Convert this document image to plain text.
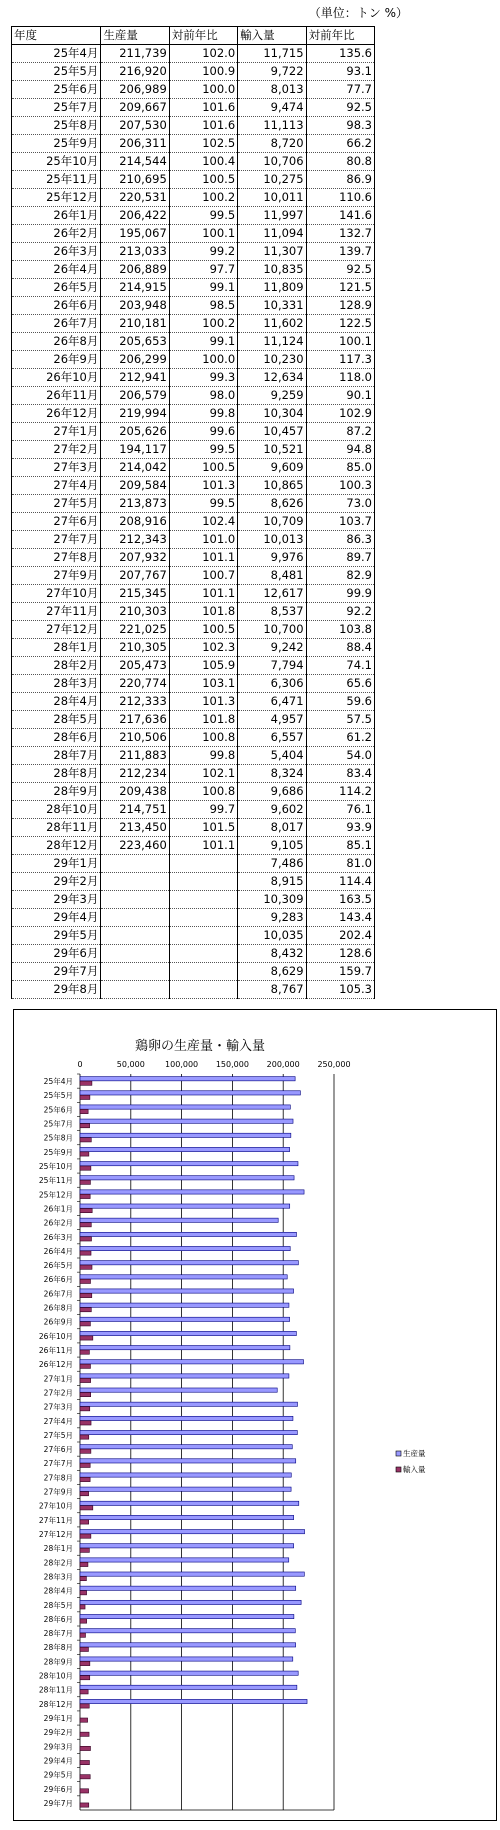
（単位：トン %）
年度	生産量	対前年比	輸入量	対前年比
25年4月	211,739	102.0	11,715	135.6
25年5月	216,920	100.9	9,722	93.1
25年6月	206,989	100.0	8,013	77.7
25年7月	209,667	101.6	9,474	92.5
25年8月	207,530	101.6	11,113	98.3
25年9月	206,311	102.5	8,720	66.2
25年10月	214,544	100.4	10,706	80.8
25年11月	210,695	100.5	10,275	86.9
25年12月	220,531	100.2	10,011	110.6
26年1月	206,422	99.5	11,997	141.6
26年2月	195,067	100.1	11,094	132.7
26年3月	213,033	99.2	11,307	139.7
26年4月	206,889	97.7	10,835	92.5
26年5月	214,915	99.1	11,809	121.5
26年6月	203,948	98.5	10,331	128.9
26年7月	210,181	100.2	11,602	122.5
26年8月	205,653	99.1	11,124	100.1
26年9月	206,299	100.0	10,230	117.3
26年10月	212,941	99.3	12,634	118.0
26年11月	206,579	98.0	9,259	90.1
26年12月	219,994	99.8	10,304	102.9
27年1月	205,626	99.6	10,457	87.2
27年2月	194,117	99.5	10,521	94.8
27年3月	214,042	100.5	9,609	85.0
27年4月	209,584	101.3	10,865	100.3
27年5月	213,873	99.5	8,626	73.0
27年6月	208,916	102.4	10,709	103.7
27年7月	212,343	101.0	10,013	86.3
27年8月	207,932	101.1	9,976	89.7
27年9月	207,767	100.7	8,481	82.9
27年10月	215,345	101.1	12,617	99.9
27年11月	210,303	101.8	8,537	92.2
27年12月	221,025	100.5	10,700	103.8
28年1月	210,305	102.3	9,242	88.4
28年2月	205,473	105.9	7,794	74.1
28年3月	220,774	103.1	6,306	65.6
28年4月	212,333	101.3	6,471	59.6
28年5月	217,636	101.8	4,957	57.5
28年6月	210,506	100.8	6,557	61.2
28年7月	211,883	99.8	5,404	54.0
28年8月	212,234	102.1	8,324	83.4
28年9月	209,438	100.8	9,686	114.2
28年10月	214,751	99.7	9,602	76.1
28年11月	213,450	101.5	8,017	93.9
28年12月	223,460	101.1	9,105	85.1
29年1月			7,486	81.0
29年2月			8,915	114.4
29年3月			10,309	163.5
29年4月			9,283	143.4
29年5月			10,035	202.4
29年6月			8,432	128.6
29年7月			8,629	159.7
29年8月			8,767	105.3
鶏卵の生産量・輸入量
0	50,000	100,000 150,000 200,000 250,000
25年4月
25年5月
25年6月
25年7月
25年8月
25年9月
25年10月
25年11月
25年12月
26年1月
26年2月
26年3月
26年4月
26年5月
26年6月
26年7月
26年8月
26年9月
26年10月
26年11月
26年12月
27年1月
27年2月
27年3月
27年4月
27年5月
27年6月
27年7月
27年8月
27年9月
27年10月
27年11月
27年12月
28年1月
28年2月
28年3月
28年4月
28年5月
28年6月
28年7月
28年8月
28年9月
28年10月
28年11月
28年12月
29年1月
29年2月
29年3月
29年4月
29年5月
29年6月
29年7月
生産量
輸入量
